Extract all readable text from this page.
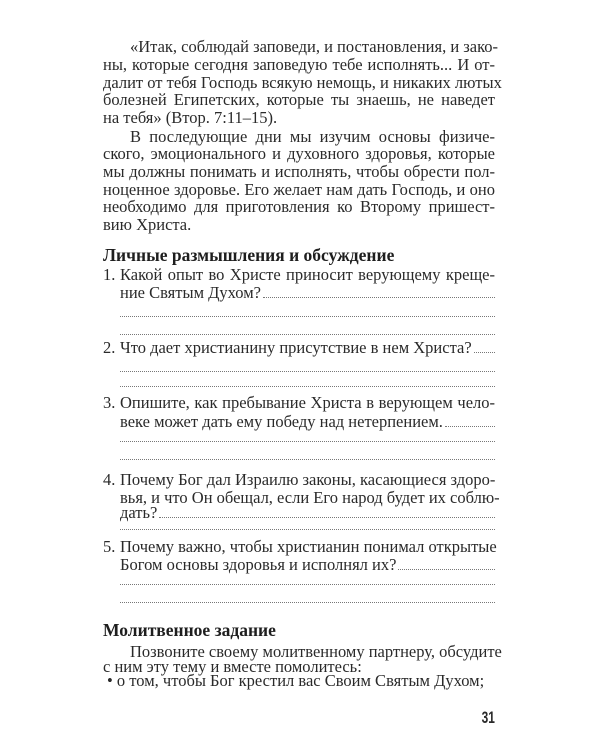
«Итак, соблюдай заповеди, и постановления, и зако-
ны, которые сегодня заповедую тебе исполнять... И от-
далит от тебя Господь всякую немощь, и никаких лютых
болезней Египетских, которые ты знаешь, не наведет
на тебя» (Втор. 7:11–15).
В последующие дни мы изучим основы физиче-
ского, эмоционального и духовного здоровья, которые
мы должны понимать и исполнять, чтобы обрести пол-
ноценное здоровье. Его желает нам дать Господь, и оно
необходимо для приготовления ко Второму пришест-
вию Христа.
Личные размышления и обсуждение
1. Какой опыт во Христе приносит верующему креще-
ние Святым Духом?
2. Что дает христианину присутствие в нем Христа?
3. Опишите, как пребывание Христа в верующем чело-
веке может дать ему победу над нетерпением.
4. Почему Бог дал Израилю законы, касающиеся здоро-
вья, и что Он обещал, если Его народ будет их соблю-
дать?
5. Почему важно, чтобы христианин понимал открытые
Богом основы здоровья и исполнял их?
Молитвенное задание
Позвоните своему молитвенному партнеру, обсудите
с ним эту тему и вместе помолитесь:
• о том, чтобы Бог крестил вас Своим Святым Духом;
31
